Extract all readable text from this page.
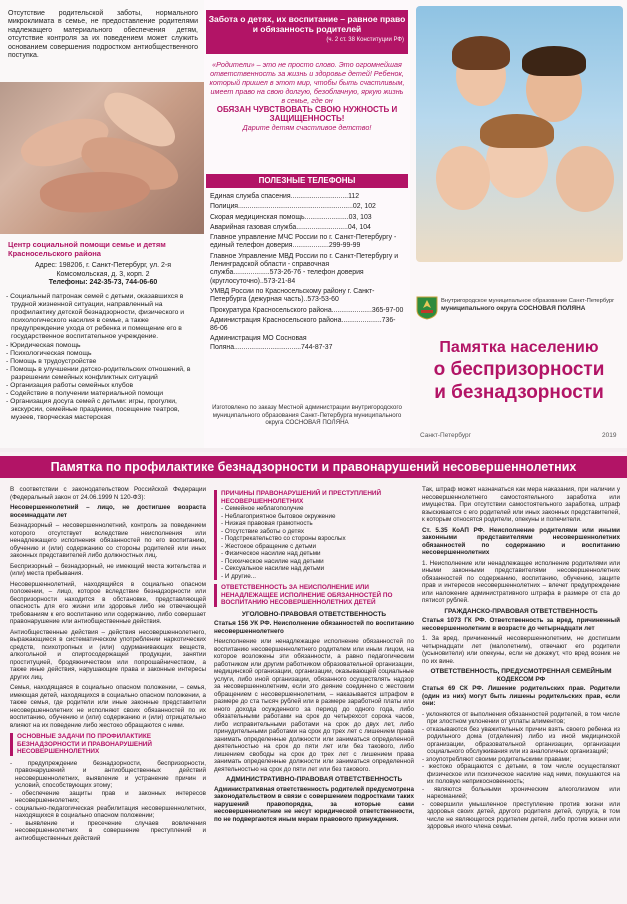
Отсутствие родительской заботы, нормального микроклимата в семье, не предоставление родителями надлежащего материального обеспечения детям, отсутствие контроля за их поведением может служить основанием совершения подростком антиобщественного поступка.

Центр социальной помощи семье и детям Красносельского района
Адрес: 198206, г. Санкт-Петербург, ул. 2-я Комсомольская, д. 3, корп. 2
Телефоны: 242-35-73, 744-06-60
- Социальный патронаж семей с детьми, оказавшихся в трудной жизненной ситуации, направленный на профилактику детской безнадзорности, физического и психологического насилия в семье, а также предупреждение ухода от ребенка и помещение его в государственное воспитательное учреждение.
- Юридическая помощь
- Психологическая помощь
- Помощь в трудоустройстве
- Помощь в улучшении детско-родительских отношений, в разрешении семейных конфликтных ситуаций
- Организация работы семейных клубов
- Содействие в получении материальной помощи
- Организация досуга семей с детьми: игры, прогулки, экскурсии, семейные праздники, посещение театров, музеев, творческая мастерская
Забота о детях, их воспитание – равное право и обязанность родителей
(ч. 2 ст. 38 Конституции РФ)
«Родители» – это не просто слово. Это огромнейшая ответственность за жизнь и здоровье детей! Ребенок, который пришел в этот мир, чтобы быть счастливым, имеет право на свою долгую, безоблачную, яркую жизнь в семье, где он
ОБЯЗАН ЧУВСТВОВАТЬ СВОЮ НУЖНОСТЬ И ЗАЩИЩЕННОСТЬ!
Дарите детям счастливое детство!
ПОЛЕЗНЫЕ ТЕЛЕФОНЫ
Единая служба спасения..............................112
Полиция............................................................02, 102
Скорая медицинская помощь.......................03, 103
Аварийная газовая служба...........................04, 104
Главное управление МЧС России по г. Санкт-Петербургу - единый телефон доверия...................299-99-99
Главное Управление МВД России по г. Санкт-Петербургу и Ленинградской области - справочная служба...................573-26-76 - телефон доверия (круглосуточно)..573-21-84
УМВД России по Красносельскому району г. Санкт-Петербурга (дежурная часть)..573-53-60
Прокуратура Красносельского района.....................365-97-00
Администрация Красносельского района.....................736-86-06
Администрация МО Сосновая Поляна...................................744-87-37
Изготовлено по заказу Местной администрации внутригородского муниципального образования Санкт-Петербурга муниципального округа СОСНОВАЯ ПОЛЯНА
Внутригородское муниципальное образование Санкт-Петербург
муниципального округа СОСНОВАЯ ПОЛЯНА
Памятка населению
о беспризорности
и безнадзорности
Санкт-Петербург	2019
Памятка по профилактике безнадзорности и правонарушений несовершеннолетних

В соответствии с законодательством Российской Федерации (Федеральный закон от 24.06.1999 N 120-ФЗ):

Несовершеннолетний – лицо, не достигшее возраста восемнадцати лет

Безнадзорный – несовершеннолетний, контроль за поведением которого отсутствует вследствие неисполнения или ненадлежащего исполнения обязанностей по его воспитанию, обучению и (или) содержанию со стороны родителей или иных законных представителей либо должностных лиц.

Беспризорный – безнадзорный, не имеющий места жительства и (или) места пребывания.

Несовершеннолетний, находящийся в социально опасном положении, – лицо, которое вследствие безнадзорности или беспризорности находится в обстановке, представляющей опасность для его жизни или здоровья либо не отвечающей требованиям к его воспитанию или содержанию, либо совершает правонарушение или антиобщественные действия.

Антиобщественные действия – действия несовершеннолетнего, выражающиеся в систематическом употреблении наркотических средств, психотропных и (или) одурманивающих веществ, алкогольной и спиртосодержащей продукции, занятии проституцией, бродяжничеством или попрошайничеством, а также иные действия, нарушающие права и законные интересы других лиц.

Семья, находящаяся в социально опасном положении, – семья, имеющая детей, находящихся в социально опасном положении, а также семья, где родители или иные законные представители несовершеннолетних не исполняют своих обязанностей по их воспитанию, обучению и (или) содержанию и (или) отрицательно влияют на их поведение либо жестоко обращаются с ними.

ОСНОВНЫЕ ЗАДАЧИ ПО ПРОФИЛАКТИКЕ БЕЗНАДЗОРНОСТИ И ПРАВОНАРУШЕНИЙ НЕСОВЕРШЕННОЛЕТНИХ
- предупреждение безнадзорности, беспризорности, правонарушений и антиобщественных действий несовершеннолетних, выявление и устранение причин и условий, способствующих этому;
- обеспечение защиты прав и законных интересов несовершеннолетних;
- социально-педагогическая реабилитация несовершеннолетних, находящихся в социально опасном положении;
- выявление и пресечение случаев вовлечения несовершеннолетних в совершение преступлений и антиобщественных действий
ПРИЧИНЫ ПРАВОНАРУШЕНИЙ И ПРЕСТУПЛЕНИЙ НЕСОВЕРШЕННОЛЕТНИХ
- Семейное неблагополучие
- Неблагоприятное бытовое окружение
- Низкая правовая грамотность
- Отсутствие заботы о детях
- Подстрекательство со стороны взрослых
- Жестокое обращение с детьми
- Физическое насилие над детьми
- Психическое насилие над детьми
- Сексуальное насилие над детьми
- И другие...
ОТВЕТСТВЕННОСТЬ ЗА НЕИСПОЛНЕНИЕ ИЛИ НЕНАДЛЕЖАЩЕЕ ИСПОЛНЕНИЕ ОБЯЗАННОСТЕЙ ПО ВОСПИТАНИЮ НЕСОВЕРШЕННОЛЕТНИХ ДЕТЕЙ
УГОЛОВНО-ПРАВОВАЯ ОТВЕТСТВЕННОСТЬ

Статья 156 УК РФ. Неисполнение обязанностей по воспитанию несовершеннолетнего

Неисполнение или ненадлежащее исполнение обязанностей по воспитанию несовершеннолетнего родителем или иным лицом, на которое возложены эти обязанности, а равно педагогическим работником или другим работником образовательной организации, медицинской организации, организации, оказывающей социальные услуги, либо иной организации, обязанного осуществлять надзор за несовершеннолетним, если это деяние соединено с жестоким обращением с несовершеннолетним, – наказывается штрафом в размере до ста тысяч рублей или в размере заработной платы или иного дохода осужденного за период до одного года, либо обязательными работами на срок до четырехсот сорока часов, либо исправительными работами на срок до двух лет, либо принудительными работами на срок до трех лет с лишением права занимать определенные должности или заниматься определенной деятельностью на срок до пяти лет или без такового, либо лишением свободы на срок до трех лет с лишением права занимать определенные должности или заниматься определенной деятельностью на срок до пяти лет или без такового.

АДМИНИСТРАТИВНО-ПРАВОВАЯ ОТВЕТСТВЕННОСТЬ

Административная ответственность родителей предусмотрена законодательством в связи с совершением подростками таких нарушений правопорядка, за которые сами несовершеннолетние не несут юридической ответственности, по не подвергаются иным мерам правового принуждения.

Так, штраф может назначаться как мера наказания, при наличии у несовершеннолетнего самостоятельного заработка или имущества. При отсутствии самостоятельного заработка, штраф взыскивается с его родителей или иных законных представителей, к которым относятся родители, опекуны и попечители.

Ст. 5.35 КоАП РФ. Неисполнение родителями или иными законными представителями несовершеннолетних обязанностей по содержанию и воспитанию несовершеннолетних

1. Неисполнение или ненадлежащее исполнение родителями или иными законными представителями несовершеннолетних обязанностей по содержанию, воспитанию, обучению, защите прав и интересов несовершеннолетних – влечет предупреждение или наложение административного штрафа в размере от ста до пятисот рублей.

ГРАЖДАНСКО-ПРАВОВАЯ ОТВЕТСТВЕННОСТЬ

Статья 1073 ГК РФ. Ответственность за вред, причиненный несовершеннолетним в возрасте до четырнадцати лет

1. За вред, причиненный несовершеннолетним, не достигшим четырнадцати лет (малолетним), отвечают его родители (усыновители) или опекуны, если не докажут, что вред возник не по их вине.

ОТВЕТСТВЕННОСТЬ, ПРЕДУСМОТРЕННАЯ СЕМЕЙНЫМ КОДЕКСОМ РФ

Статья 69 СК РФ. Лишение родительских прав. Родители (один из них) могут быть лишены родительских прав, если они:

- уклоняются от выполнения обязанностей родителей, в том числе при злостном уклонении от уплаты алиментов;
- отказываются без уважительных причин взять своего ребенка из родильного дома (отделения) либо из иной медицинской организации, образовательной организации, организации социального обслуживания или из аналогичных организаций;
- злоупотребляют своими родительскими правами;
- жестоко обращаются с детьми, в том числе осуществляют физическое или психическое насилие над ними, покушаются на их половую неприкосновенность;
- являются больными хроническим алкоголизмом или наркоманией;
- совершили умышленное преступление против жизни или здоровья своих детей, другого родителя детей, супруга, в том числе не являющегося родителем детей, либо против жизни или здоровья иного члена семьи.
